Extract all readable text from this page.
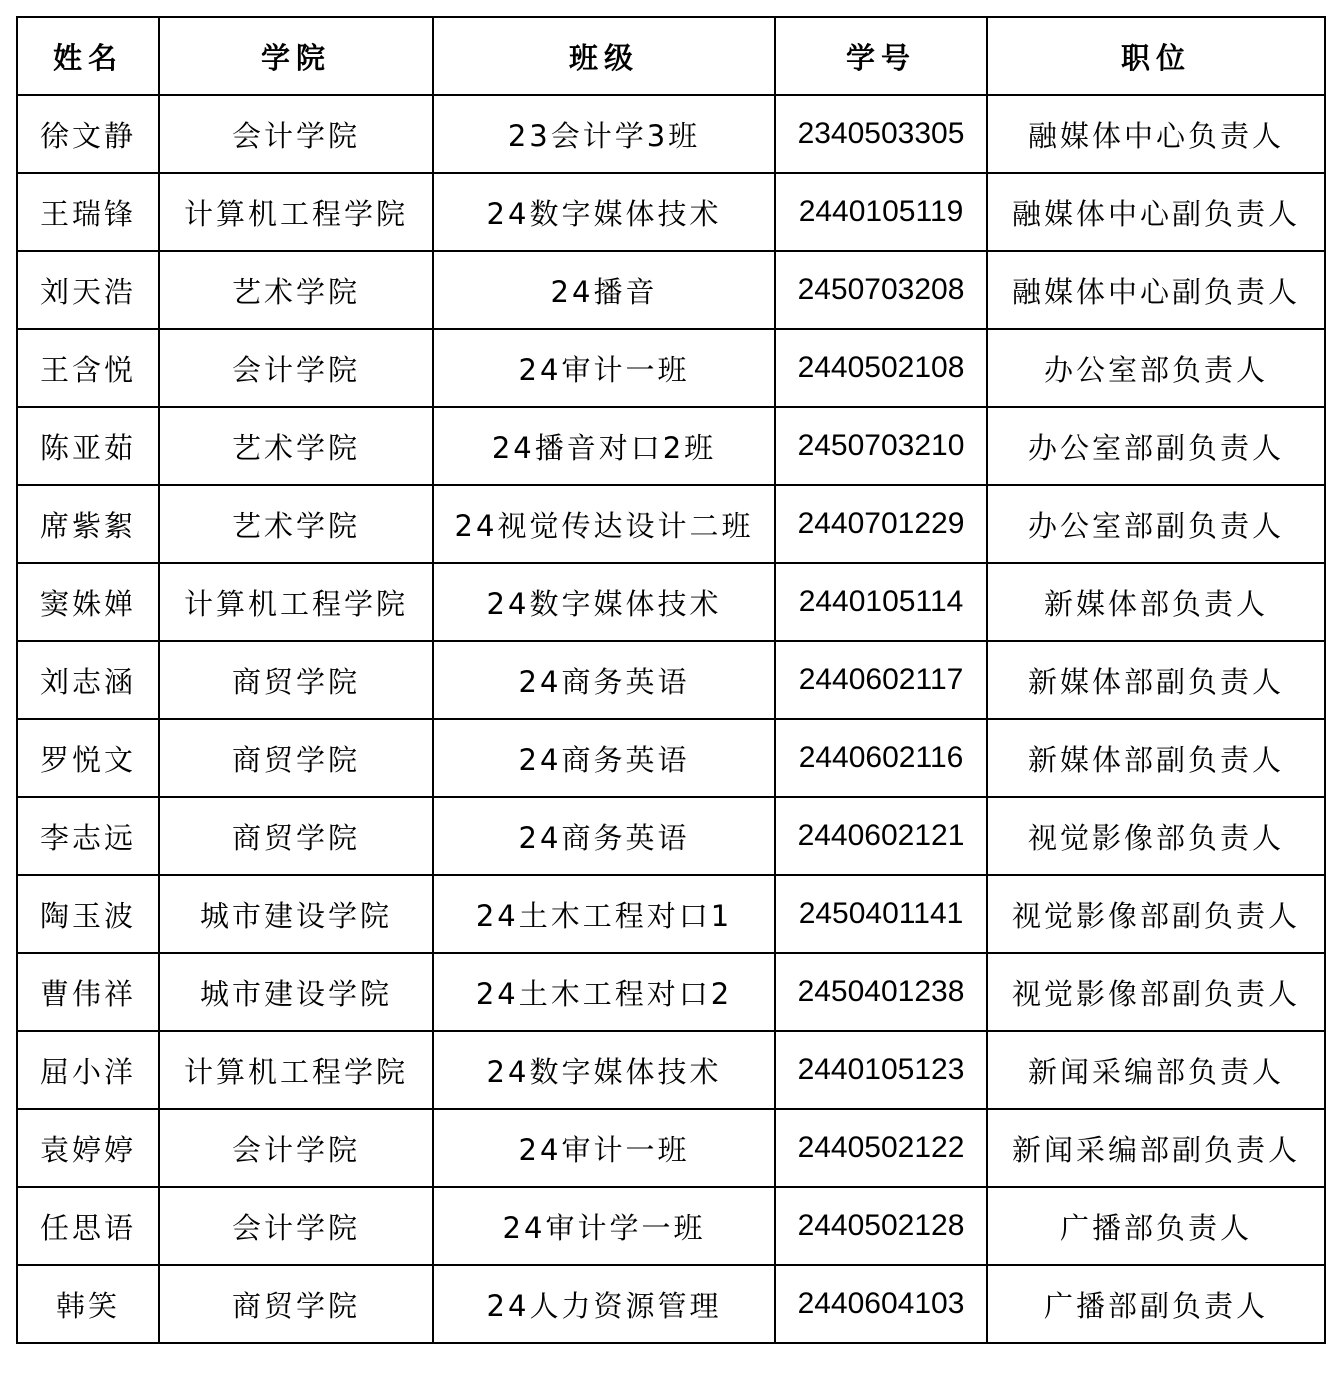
姓名	学院	班级	学号	职位
徐文静	会计学院	23会计学3班	2340503305	融媒体中心负责人
王瑞锋	计算机工程学院	24数字媒体技术	2440105119	融媒体中心副负责人
刘天浩	艺术学院	24播音	2450703208	融媒体中心副负责人
王含悦	会计学院	24审计一班	2440502108	办公室部负责人
陈亚茹	艺术学院	24播音对口2班	2450703210	办公室部副负责人
席紫絮	艺术学院	24视觉传达设计二班	2440701229	办公室部副负责人
窦姝婵	计算机工程学院	24数字媒体技术	2440105114	新媒体部负责人
刘志涵	商贸学院	24商务英语	2440602117	新媒体部副负责人
罗悦文	商贸学院	24商务英语	2440602116	新媒体部副负责人
李志远	商贸学院	24商务英语	2440602121	视觉影像部负责人
陶玉波	城市建设学院	24土木工程对口1	2450401141	视觉影像部副负责人
曹伟祥	城市建设学院	24土木工程对口2	2450401238	视觉影像部副负责人
屈小洋	计算机工程学院	24数字媒体技术	2440105123	新闻采编部负责人
袁婷婷	会计学院	24审计一班	2440502122	新闻采编部副负责人
任思语	会计学院	24审计学一班	2440502128	广播部负责人
韩笑	商贸学院	24人力资源管理	2440604103	广播部副负责人
